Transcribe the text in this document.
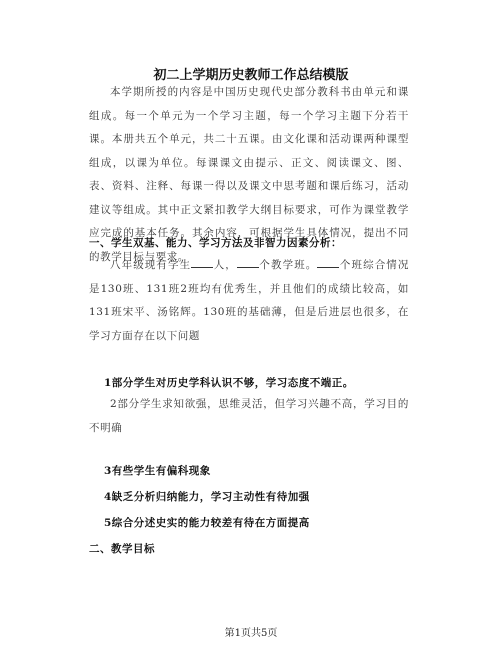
初二上学期历史教师工作总结模版
本学期所授的内容是中国历史现代史部分教科书由单元和课组成。每一个单元为一个学习主题，每一个学习主题下分若干课。本册共五个单元，共二十五课。由文化课和活动课两种课型组成，以课为单位。每课课文由提示、正文、阅读课文、图、表、资料、注释、每课一得以及课文中思考题和课后练习，活动建议等组成。其中正文紧扣教学大纲目标要求，可作为课堂教学应完成的基本任务。其余内容，可根据学生具体情况，提出不同的教学目标与要求。
一、学生双基、能力、学习方法及非智力因素分析：
八年级现有学生 人， 个教学班。 个班综合情况是130班、131班2班均有优秀生，并且他们的成绩比较高，如131班宋平、汤铭辉。130班的基础薄，但是后进层也很多，在学习方面存在以下问题
1部分学生对历史学科认识不够，学习态度不端正。
2部分学生求知欲强，思维灵活，但学习兴趣不高，学习目的不明确
3有些学生有偏科现象
4缺乏分析归纳能力，学习主动性有待加强
5综合分述史实的能力较差有待在方面提高
二、教学目标
第1页共5页
